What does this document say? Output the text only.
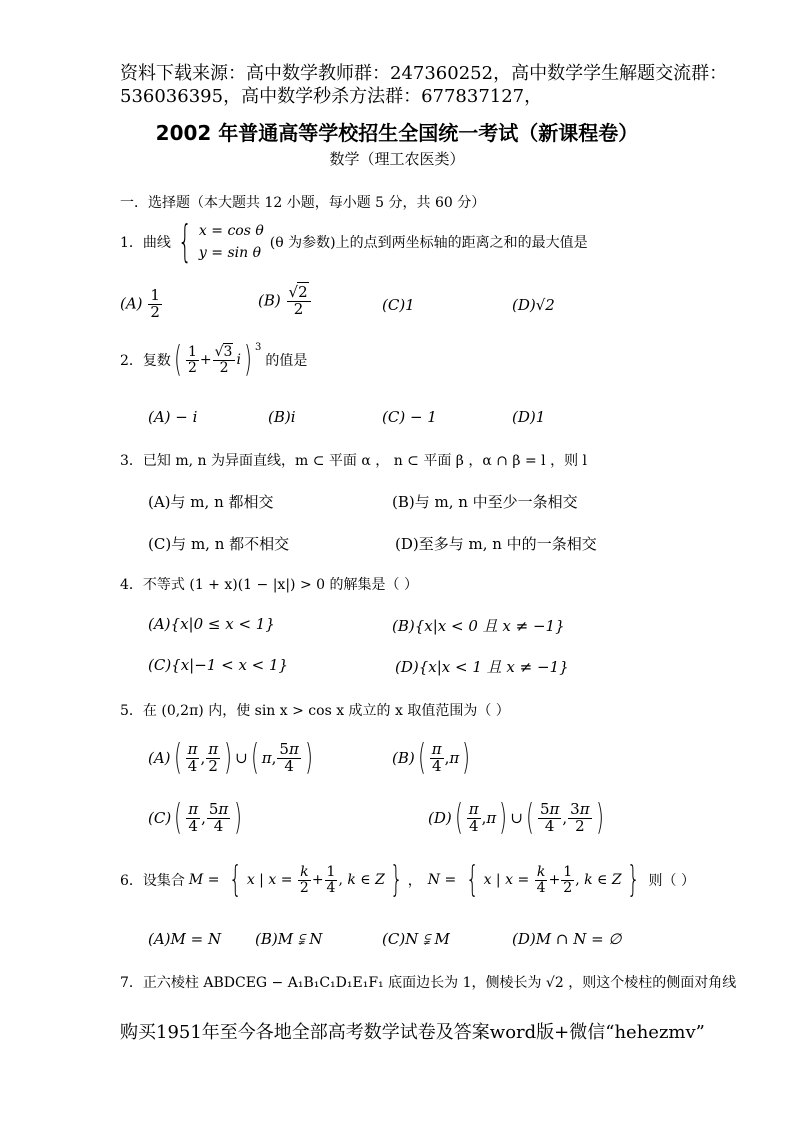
资料下载来源：高中数学教师群：247360252，高中数学学生解题交流群：
536036395，高中数学秒杀方法群：677837127，
2002 年普通高等学校招生全国统一考试（新课程卷）
数学（理工农医类）
一．选择题（本大题共 12 小题，每小题 5 分，共 60 分）
1．曲线 { x = cos θ
y = sin θ
(θ 为参数) 上的点到两坐标轴的距离之和的最大值是
$(A) \frac{1}{2}$	$(B) \frac{√2}{2}$	(C)1	(D)√2
2．复数 ( $\frac{1}{2} + \frac{√3}{2}$ i ) $^3$
的值是
(A) − i	(B)i	(C) − 1	(D)1
3．已知 m, n 为异面直线，m ⊂ 平面 α ， n ⊂ 平面 β ，α ∩ β = l ，则 l
(A)与 m, n 都相交	(B)与 m, n 中至少一条相交
(C)与 m, n 都不相交	(D)至多与 m, n 中的一条相交
4．不等式 (1 + x)(1 − |x|) > 0 的解集是（ ）
(A){x|0 ≤ x < 1}	(B){x|x < 0 且 x ≠ −1}
(C){x|−1 < x < 1}	(D){x|x < 1 且 x ≠ −1}
5．在 (0,2π) 内，使 sin x > cos x 成立的 x 取值范围为（ ）
(A) ( $\frac{\pi}{4}$ , $\frac{\pi}{2}$ ) ∪ ( π , $\frac{5\pi}{4}$ )	(B) ( $\frac{\pi}{4}$ , π )
(C) ( $\frac{\pi}{4}$ , $\frac{5\pi}{4}$ )	(D) ( $\frac{\pi}{4}$ , π ) ∪ ( $\frac{5\pi}{4}$ , $\frac{3\pi}{2}$ )
6．设集合 M = { x | $x = \frac{k}{2} + \frac{1}{4}$ , k ∈ Z } ， N = { x | $x = \frac{k}{4} + \frac{1}{2}$ , k ∈ Z } 则（ ）
(A)M = N (B)M ⫋ N	(C)N ⫋ M	(D)M ∩ N = ∅
7．正六棱柱 ABDCEG − A₁B₁C₁D₁E₁F₁ 底面边长为 1，侧棱长为 √2 ，则这个棱柱的侧面对角线
购买1951年至今各地全部高考数学试卷及答案word版+微信“hehezmv”
